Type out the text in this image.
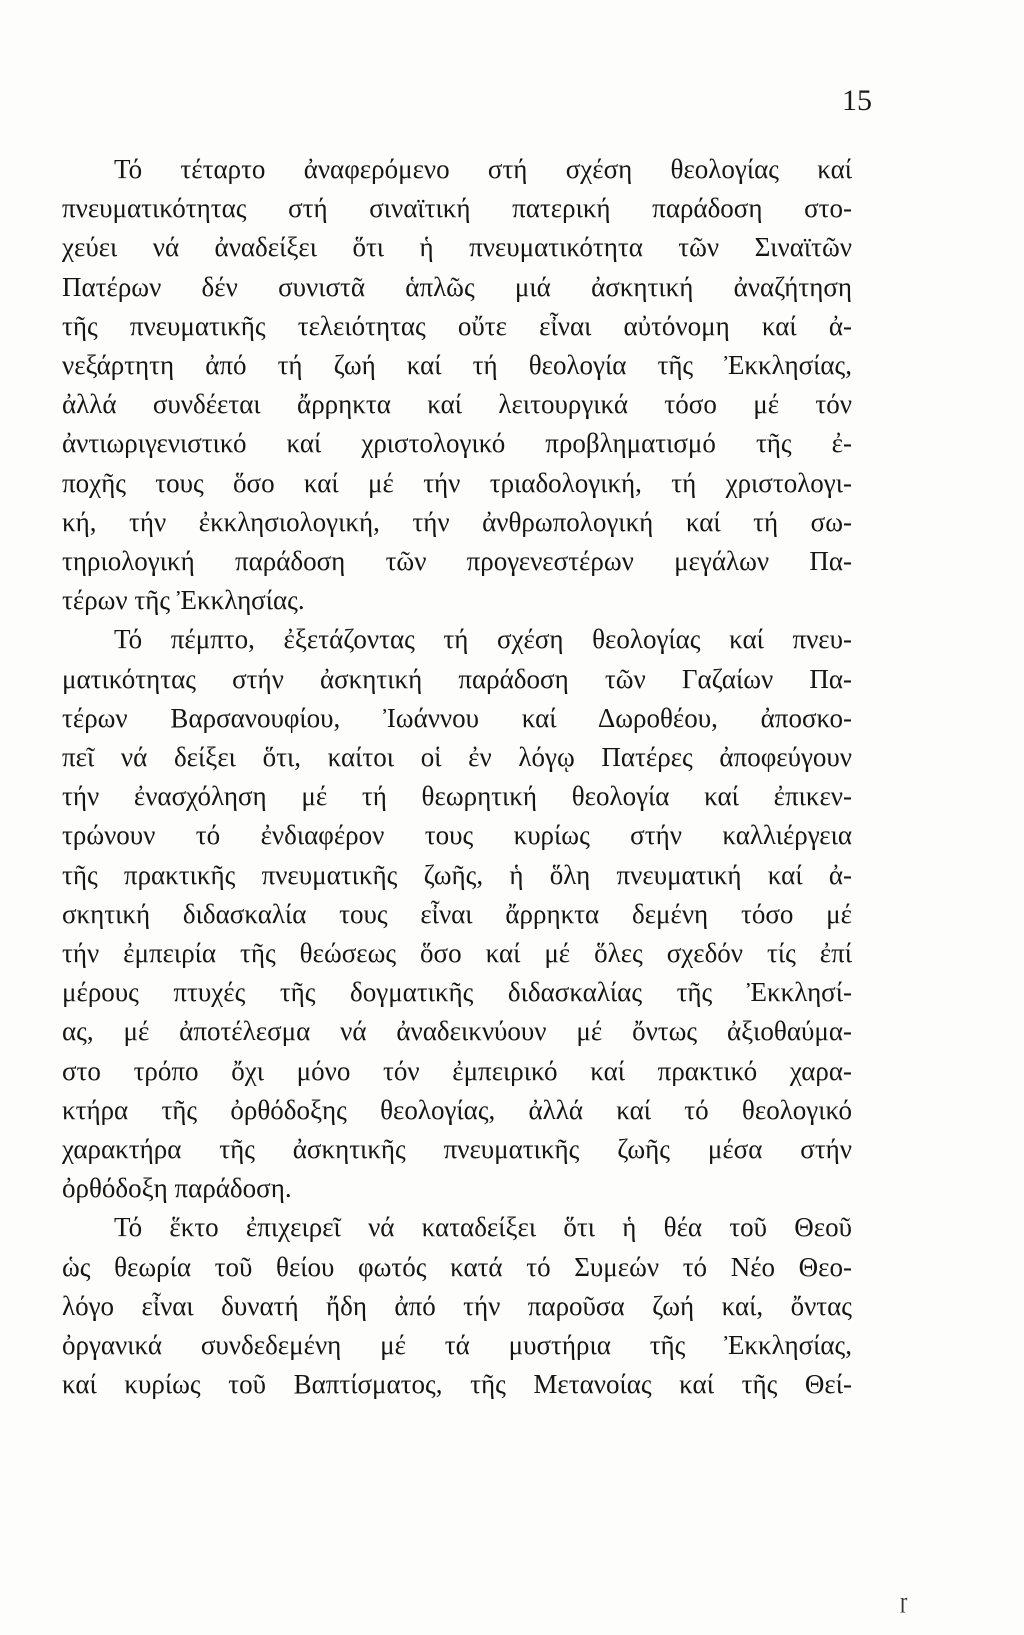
15

Τό τέταρτο ἀναφερόμενο στή σχέση θεολογίας καί
πνευματικότητας στή σιναϊτική πατερική παράδοση στο-
χεύει νά ἀναδείξει ὅτι ἡ πνευματικότητα τῶν Σιναϊτῶν
Πατέρων δέν συνιστᾶ ἁπλῶς μιά ἀσκητική ἀναζήτηση
τῆς πνευματικῆς τελειότητας οὔτε εἶναι αὐτόνομη καί ἀ-
νεξάρτητη ἀπό τή ζωή καί τή θεολογία τῆς Ἐκκλησίας,
ἀλλά συνδέεται ἄρρηκτα καί λειτουργικά τόσο μέ τόν
ἀντιωριγενιστικό καί χριστολογικό προβληματισμό τῆς ἐ-
ποχῆς τους ὅσο καί μέ τήν τριαδολογική, τή χριστολογι-
κή, τήν ἐκκλησιολογική, τήν ἀνθρωπολογική καί τή σω-
τηριολογική παράδοση τῶν προγενεστέρων μεγάλων Πα-
τέρων τῆς Ἐκκλησίας.

Τό πέμπτο, ἐξετάζοντας τή σχέση θεολογίας καί πνευ-
ματικότητας στήν ἀσκητική παράδοση τῶν Γαζαίων Πα-
τέρων Βαρσανουφίου, Ἰωάννου καί Δωροθέου, ἀποσκο-
πεῖ νά δείξει ὅτι, καίτοι οἱ ἐν λόγῳ Πατέρες ἀποφεύγουν
τήν ἐνασχόληση μέ τή θεωρητική θεολογία καί ἐπικεν-
τρώνουν τό ἐνδιαφέρον τους κυρίως στήν καλλιέργεια
τῆς πρακτικῆς πνευματικῆς ζωῆς, ἡ ὅλη πνευματική καί ἀ-
σκητική διδασκαλία τους εἶναι ἄρρηκτα δεμένη τόσο μέ
τήν ἐμπειρία τῆς θεώσεως ὅσο καί μέ ὅλες σχεδόν τίς ἐπί
μέρους πτυχές τῆς δογματικῆς διδασκαλίας τῆς Ἐκκλησί-
ας, μέ ἀποτέλεσμα νά ἀναδεικνύουν μέ ὄντως ἀξιοθαύμα-
στο τρόπο ὄχι μόνο τόν ἐμπειρικό καί πρακτικό χαρα-
κτήρα τῆς ὀρθόδοξης θεολογίας, ἀλλά καί τό θεολογικό
χαρακτήρα τῆς ἀσκητικῆς πνευματικῆς ζωῆς μέσα στήν
ὀρθόδοξη παράδοση.

Τό ἕκτο ἐπιχειρεῖ νά καταδείξει ὅτι ἡ θέα τοῦ Θεοῦ
ὡς θεωρία τοῦ θείου φωτός κατά τό Συμεών τό Νέο Θεο-
λόγο εἶναι δυνατή ἤδη ἀπό τήν παροῦσα ζωή καί, ὄντας
ὀργανικά συνδεδεμένη μέ τά μυστήρια τῆς Ἐκκλησίας,
καί κυρίως τοῦ Βαπτίσματος, τῆς Μετανοίας καί τῆς Θεί-

ɼ
